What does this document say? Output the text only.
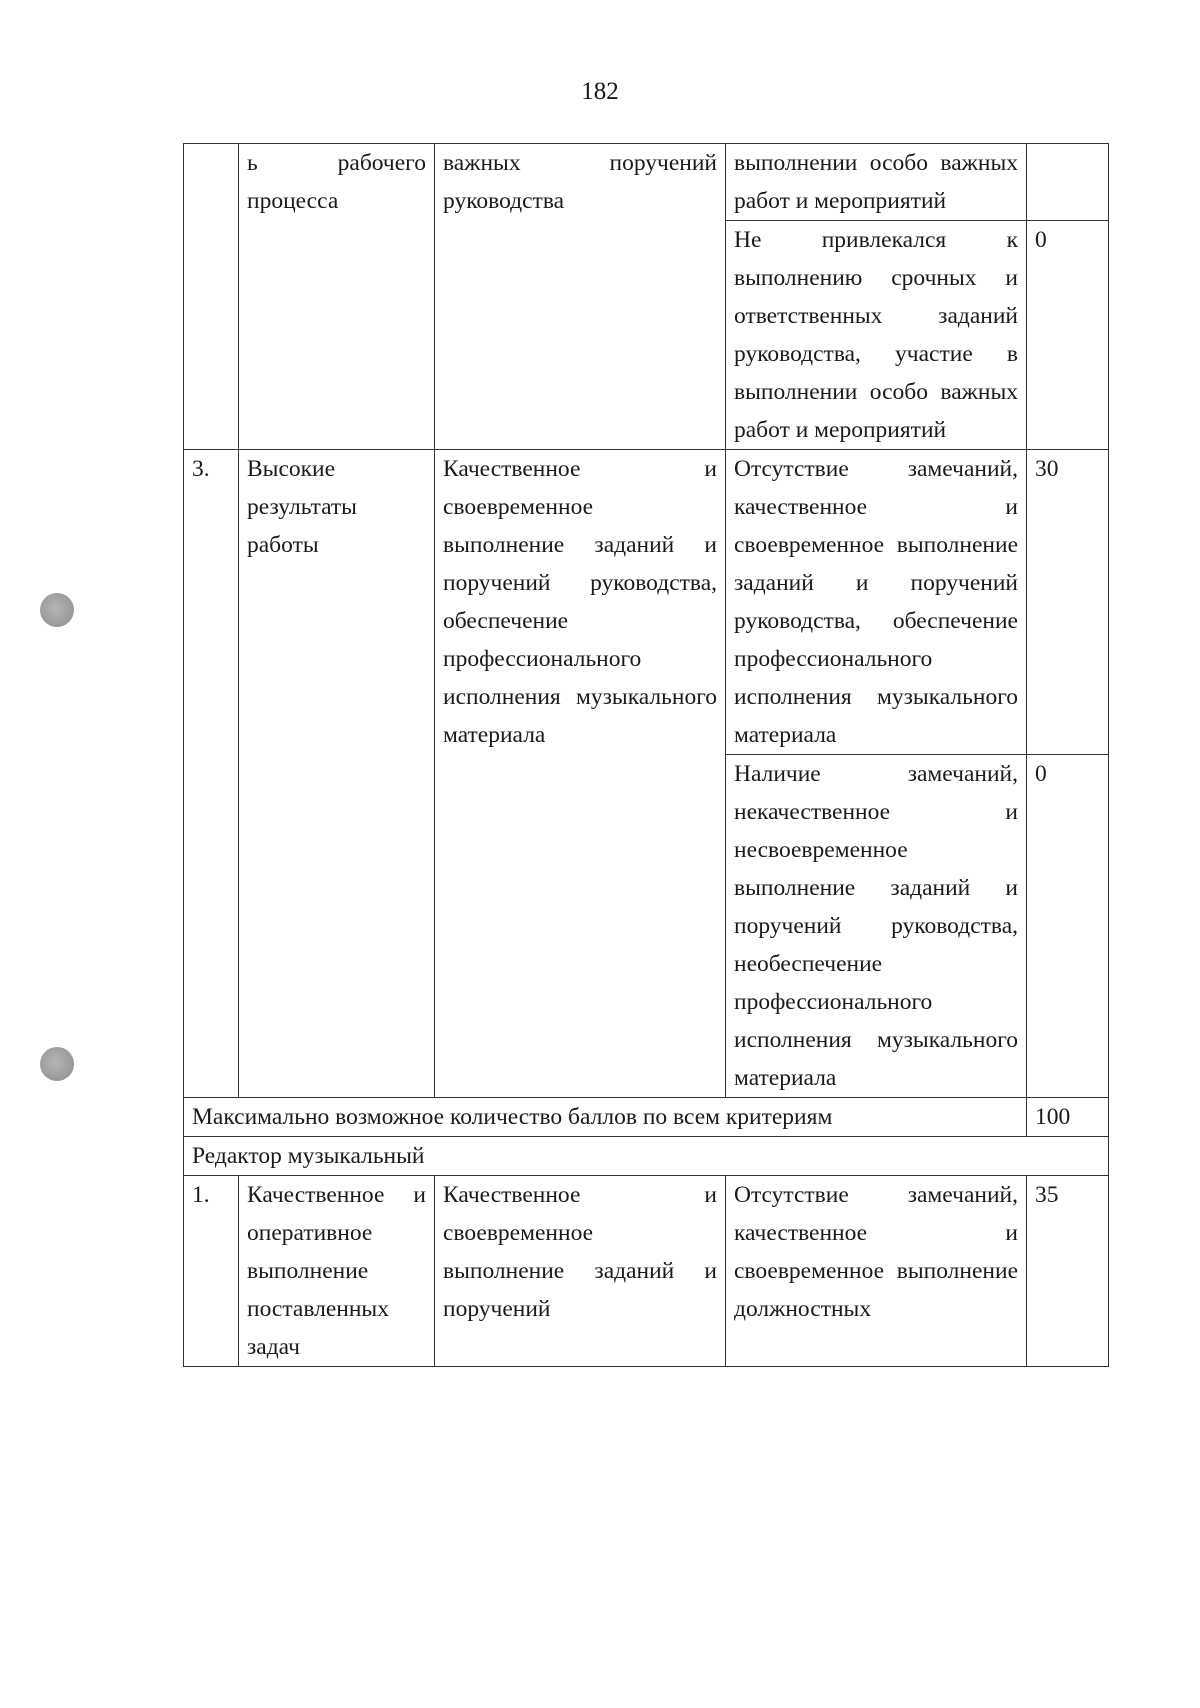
182
	ь рабочего процесса	важных поручений руководства	выполнении особо важных работ и мероприятий	
			Не привлекался к выполнению срочных и ответственных заданий руководства, участие в выполнении особо важных работ и мероприятий	0
3.	Высокие результаты работы	Качественное и своевременное выполнение заданий и поручений руководства, обеспечение профессионального исполнения музыкального материала	Отсутствие замечаний, качественное и своевременное выполнение заданий и поручений руководства, обеспечение профессионального исполнения музыкального материала	30
			Наличие замечаний, некачественное и несвоевременное выполнение заданий и поручений руководства, необеспечение профессионального исполнения музыкального материала	0
Максимально возможное количество баллов по всем критериям				100
Редактор музыкальный				
1.	Качественное и оперативное выполнение поставленных задач	Качественное и своевременное выполнение заданий и поручений	Отсутствие замечаний, качественное и своевременное выполнение должностных	35
